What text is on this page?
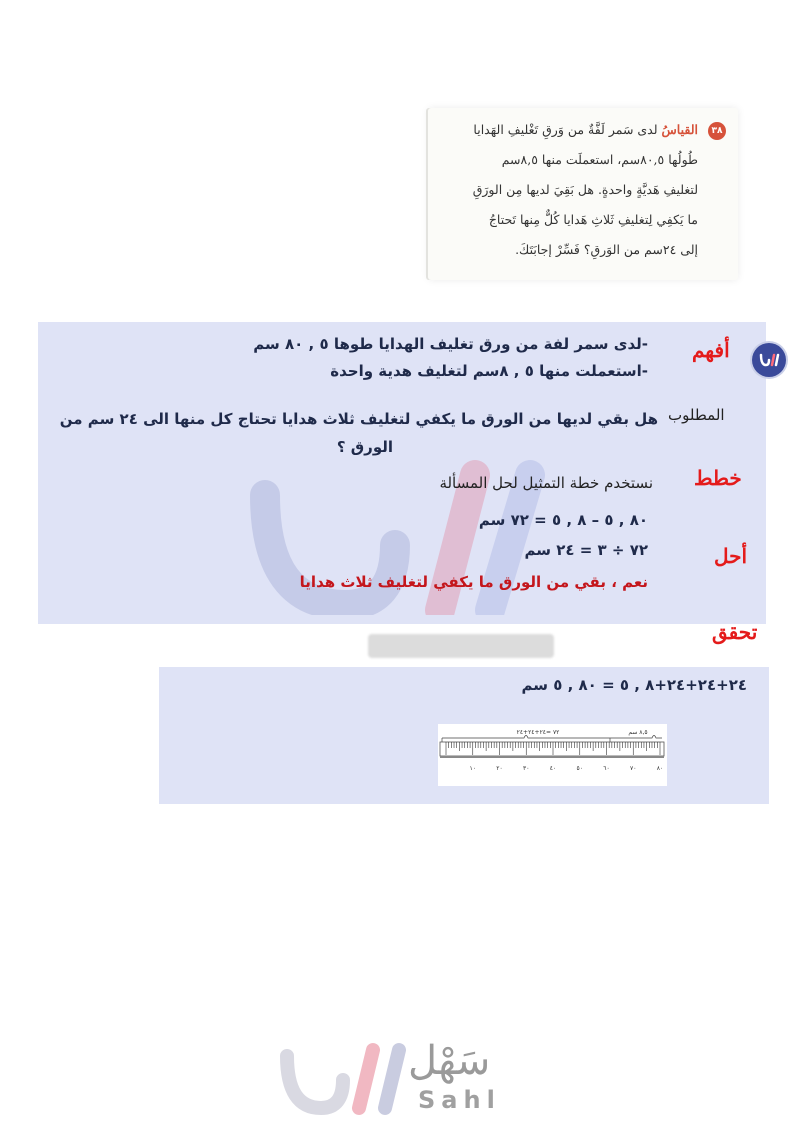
٣٨
القياسُ لدى سَمر لَفَّةٌ من وَرقِ تَغْليفِ الهَدايا
طُولُها ٨٠,٥سم، استعملَت منها ٨,٥سم
لتغليفِ هَديَّةٍ واحدةٍ. هل بَقِيَ لديها مِن الورَقِ
ما يَكفِي لِتغليفِ ثَلاثِ هَدايا كُلٌّ مِنها تَحتاجُ
إلى ٢٤سم من الوَرقِ؟ فَسِّرْ إجابَتَكَ.
أفهم
-لدى سمر لفة من ورق تغليف الهدايا طوها ٥ , ٨٠ سم
-استعملت منها ٥ , ٨سم لتغليف هدية واحدة
المطلوب
هل بقي لديها من الورق ما يكفي لتغليف ثلاث هدايا تحتاج كل منها الى ٢٤ سم من
الورق ؟
خطط
نستخدم خطة التمثيل لحل المسألة
أحل
٨٠ , ٥ – ٨ , ٥ = ٧٢ سم
٧٢ ÷ ٣ = ٢٤ سم
نعم ، بقي من الورق ما يكفي لتغليف ثلاث هدايا
تحقق
٢٤+٢٤+٢٤+٨ , ٥ = ٨٠ , ٥ سم
٧٢ =٢٤+٢٤+٢٤	٨,٥ سم
١٠	٢٠	٣٠	٤٠	٥٠	٦٠	٧٠	٨٠
سَهْل
Sahl
